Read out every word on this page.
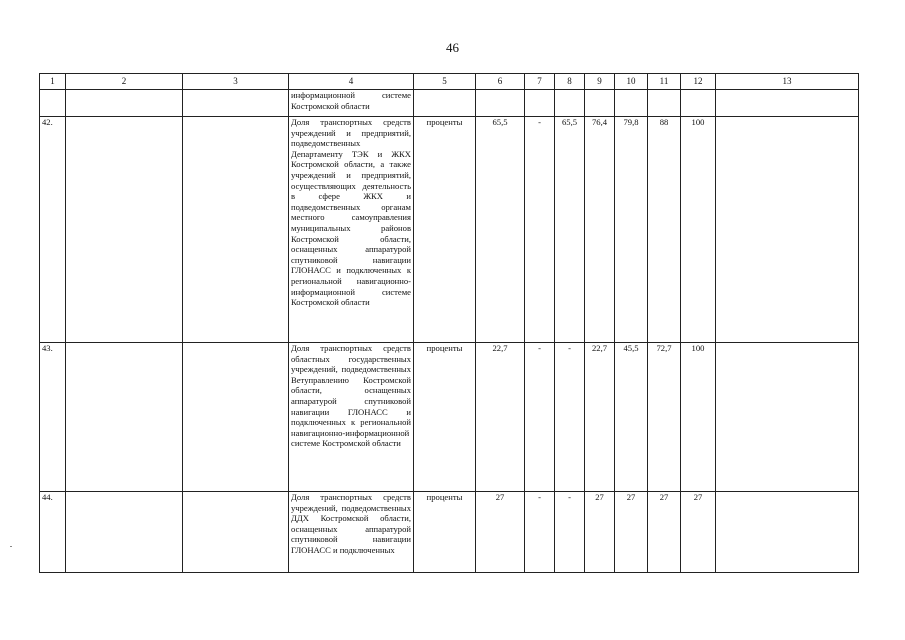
46
1	2	3	4	5	6	7	8	9	10	11	12	13
			информационной системе Костромской области									
42.			Доля транспортных средств учреждений и предприятий, подведомственных Департаменту ТЭК и ЖКХ Костромской области, а также учреждений и предприятий, осуществляющих деятельность в сфере ЖКХ и подведомственных органам местного самоуправления муниципальных районов Костромской области, оснащенных аппаратурой спутниковой навигации ГЛОНАСС и подключенных к региональной навигационно-информационной системе Костромской области	проценты	65,5	-	65,5	76,4	79,8	88	100	
43.			Доля транспортных средств областных государственных учреждений, подведомственных Ветуправлению Костромской области, оснащенных аппаратурой спутниковой навигации ГЛОНАСС и подключенных к региональной навигационно-информационной системе Костромской области	проценты	22,7	-	-	22,7	45,5	72,7	100	
44.			Доля транспортных средств учреждений, подведомственных ДДХ Костромской области, оснащенных аппаратурой спутниковой навигации ГЛОНАСС и подключенных	проценты	27	-	-	27	27	27	27	
